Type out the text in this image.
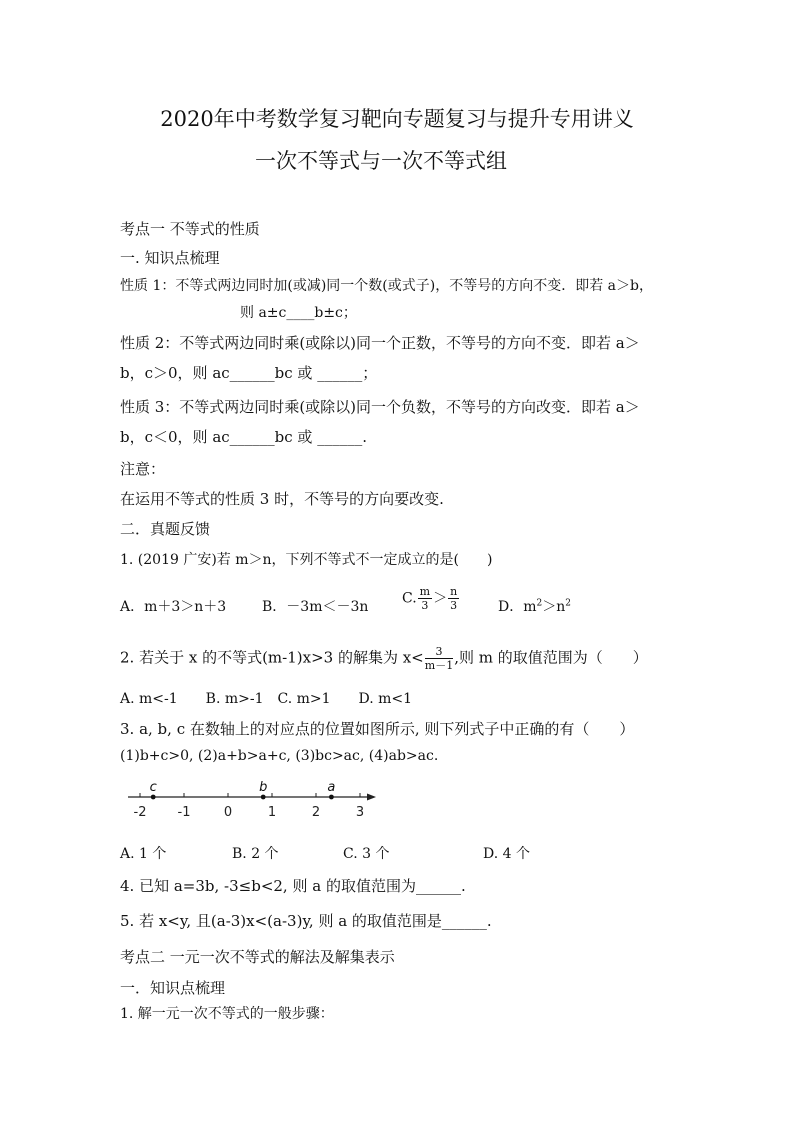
2020年中考数学复习靶向专题复习与提升专用讲义
一次不等式与一次不等式组
考点一 不等式的性质
一. 知识点梳理
性质 1：不等式两边同时加(或减)同一个数(或式子)，不等号的方向不变．即若 a＞b，
则 a±c____b±c；
性质 2：不等式两边同时乘(或除以)同一个正数，不等号的方向不变．即若 a＞
b，c＞0，则 ac______bc 或 ______；
性质 3：不等式两边同时乘(或除以)同一个负数，不等号的方向改变．即若 a＞
b，c＜0，则 ac______bc 或 ______.
注意：
在运用不等式的性质 3 时，不等号的方向要改变.
二．真题反馈
1. (2019 广安)若 m＞n，下列不等式不一定成立的是(　　)
A．m＋3＞n＋3	B．－3m＜－3n
C. $\frac{m}{3} > \frac{n}{3}$	D．$m^2>n^2$
2. 若关于 x 的不等式(m-1)x>3 的解集为 $x< \frac{3}{m-1}$ ,则 m 的取值范围为（　　）
A. m<-1　　B. m>-1　C. m>1　　D. m<1
3. a, b, c 在数轴上的对应点的位置如图所示, 则下列式子中正确的有（　　）
(1)b+c>0, (2)a+b>a+c, (3)bc>ac, (4)ab>ac.
-2 -1	0	1	2	3
c	b	a
A. 1 个	B. 2 个	C. 3 个	D. 4 个
4. 已知 a=3b, -3≤b<2, 则 a 的取值范围为______.
5. 若 x<y, 且(a-3)x<(a-3)y, 则 a 的取值范围是______.
考点二 一元一次不等式的解法及解集表示
一．知识点梳理
1. 解一元一次不等式的一般步骤：
